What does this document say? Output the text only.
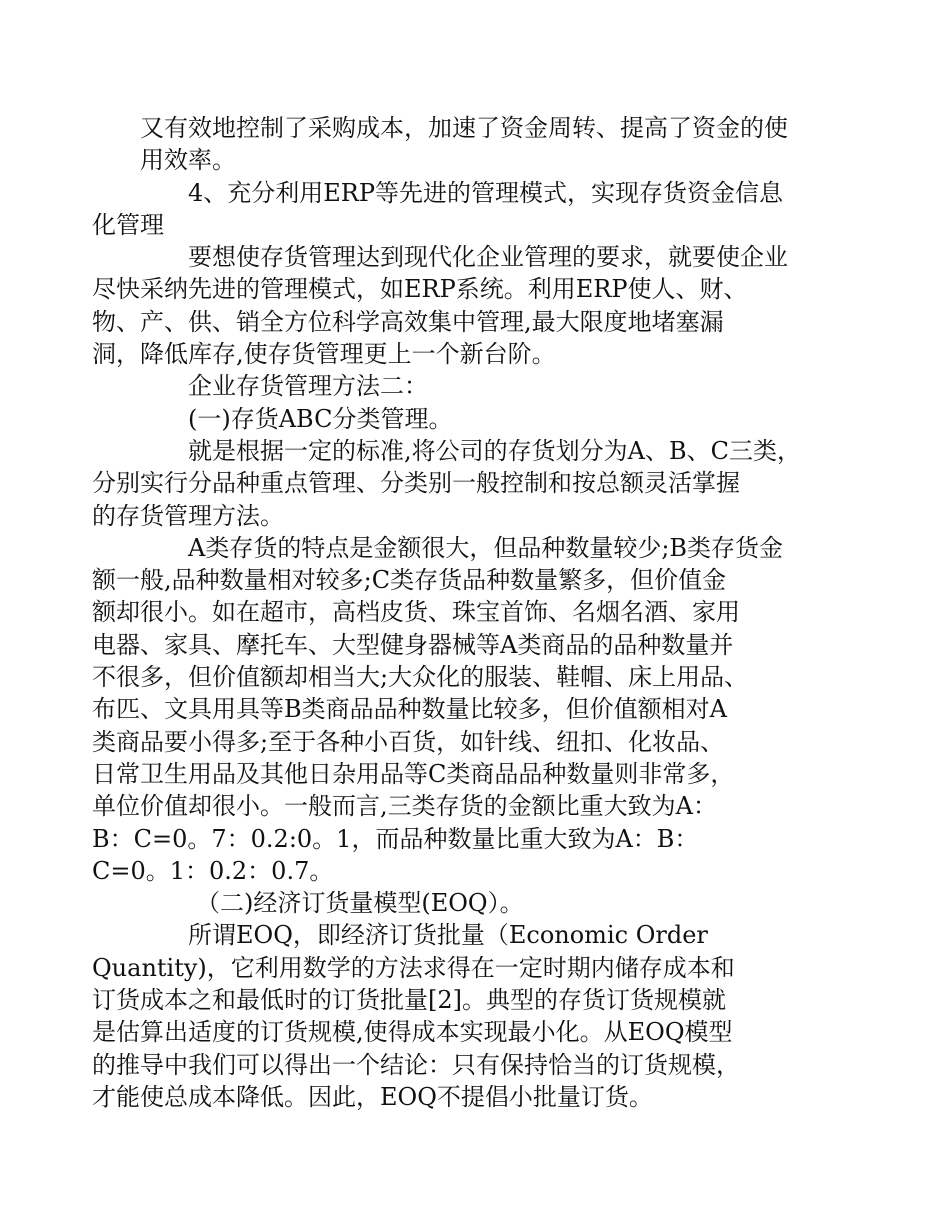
又有效地控制了采购成本，加速了资金周转、提高了资金的使
用效率。

4、充分利用ERP等先进的管理模式，实现存货资金信息
化管理

要想使存货管理达到现代化企业管理的要求，就要使企业
尽快采纳先进的管理模式，如ERP系统。利用ERP使人、财、
物、产、供、销全方位科学高效集中管理,最大限度地堵塞漏
洞，降低库存,使存货管理更上一个新台阶。

企业存货管理方法二：

(一)存货ABC分类管理。

就是根据一定的标准,将公司的存货划分为A、B、C三类，
分别实行分品种重点管理、分类别一般控制和按总额灵活掌握
的存货管理方法。

A类存货的特点是金额很大，但品种数量较少;B类存货金
额一般,品种数量相对较多;C类存货品种数量繁多，但价值金
额却很小。如在超市，高档皮货、珠宝首饰、名烟名酒、家用
电器、家具、摩托车、大型健身器械等A类商品的品种数量并
不很多，但价值额却相当大;大众化的服装、鞋帽、床上用品、
布匹、文具用具等B类商品品种数量比较多，但价值额相对A
类商品要小得多;至于各种小百货，如针线、纽扣、化妆品、
日常卫生用品及其他日杂用品等C类商品品种数量则非常多，
单位价值却很小。一般而言,三类存货的金额比重大致为A：
B：C=0。7：0.2:0。1，而品种数量比重大致为A：B：
C=0。1：0.2：0.7。

（二)经济订货量模型(EOQ）。

所谓EOQ，即经济订货批量（Economic Order
Quantity)，它利用数学的方法求得在一定时期内储存成本和
订货成本之和最低时的订货批量[2]。典型的存货订货规模就
是估算出适度的订货规模,使得成本实现最小化。从EOQ模型
的推导中我们可以得出一个结论：只有保持恰当的订货规模，
才能使总成本降低。因此，EOQ不提倡小批量订货。
